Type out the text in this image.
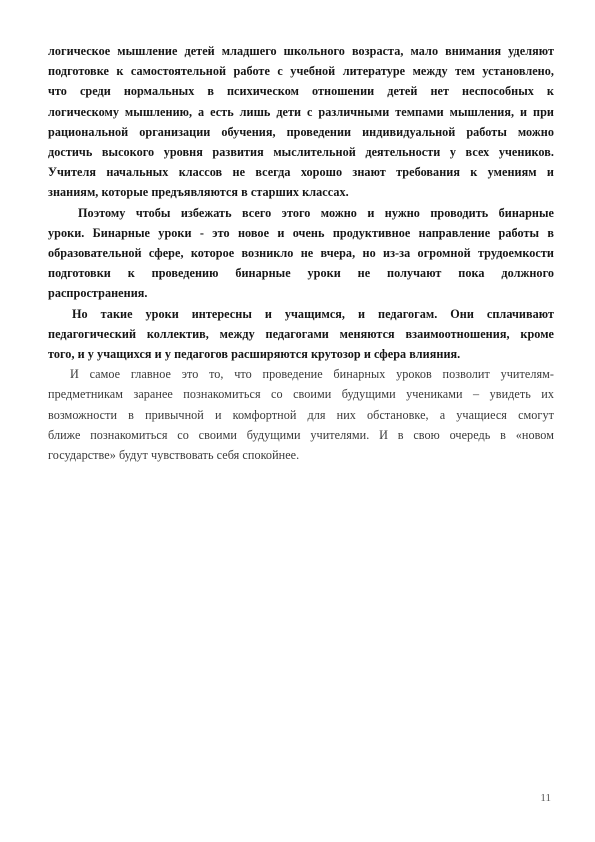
логическое мышление детей младшего школьного возраста, мало внимания уделяют
подготовке к самостоятельной работе с учебной литературе между тем установлено,
что среди нормальных в психическом отношении детей нет неспособных к
логическому мышлению, а есть лишь дети с различными темпами мышления, и при
рациональной организации обучения, проведении индивидуальной работы можно
достичь высокого уровня развития мыслительной деятельности у всех учеников.
Учителя начальных классов не всегда хорошо знают требования к умениям и
знаниям, которые предъявляются в старших классах.

Поэтому чтобы избежать всего этого можно и нужно проводить бинарные
уроки. Бинарные уроки - это новое и очень продуктивное направление работы в
образовательной сфере, которое возникло не вчера, но из-за огромной трудоемкости
подготовки к проведению бинарные уроки не получают пока должного
распространения.

Но такие уроки интересны и учащимся, и педагогам. Они сплачивают
педагогический коллектив, между педагогами меняются взаимоотношения, кроме
того, и у учащихся и у педагогов расширяются крутозор и сфера влияния.

И самое главное это то, что проведение бинарных уроков позволит учителям-
предметникам заранее познакомиться со своими будущими учениками – увидеть их
возможности в привычной и комфортной для них обстановке, а учащиеся смогут
ближе познакомиться со своими будущими учителями. И в свою очередь в «новом
государстве» будут чувствовать себя спокойнее.

11
